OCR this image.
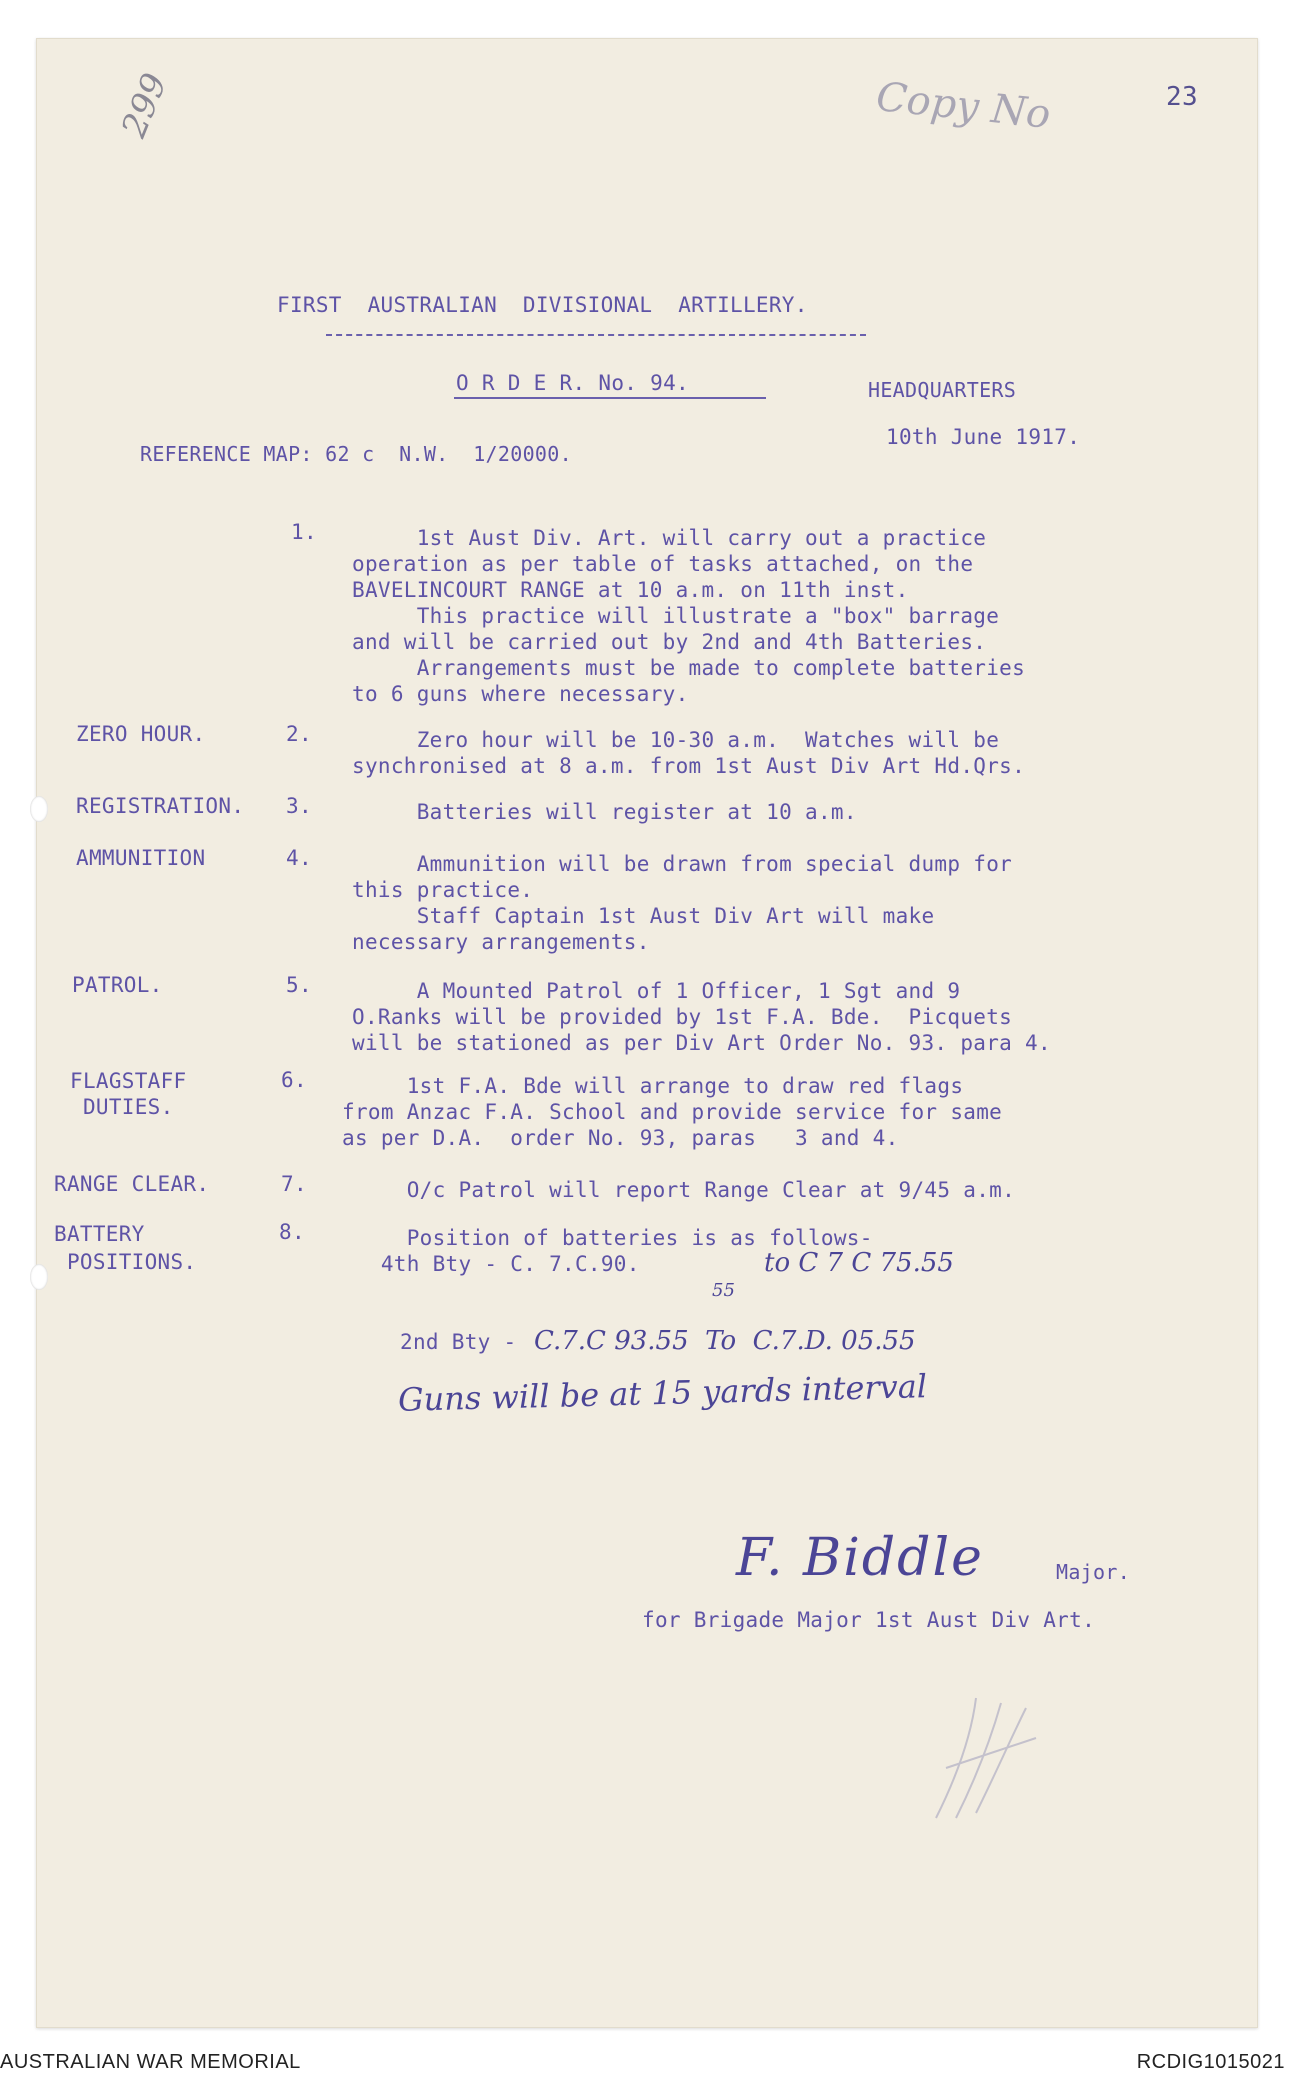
299	Copy No	23
FIRST  AUSTRALIAN  DIVISIONAL  ARTILLERY.
O R D E R. No. 94.	HEADQUARTERS
10th June 1917.
REFERENCE MAP: 62 c  N.W.  1/20000.
1. 1st Aust Div. Art. will carry out a practice
operation as per table of tasks attached, on the
BAVELINCOURT RANGE at 10 a.m. on 11th inst.
This practice will illustrate a "box" barrage
and will be carried out by 2nd and 4th Batteries.
Arrangements must be made to complete batteries
to 6 guns where necessary.
ZERO HOUR.	2. Zero hour will be 10-30 a.m.  Watches will be
synchronised at 8 a.m. from 1st Aust Div Art Hd.Qrs.
REGISTRATION. 3. Batteries will register at 10 a.m.
AMMUNITION	4. Ammunition will be drawn from special dump for
this practice.
Staff Captain 1st Aust Div Art will make
necessary arrangements.
PATROL.	5. A Mounted Patrol of 1 Officer, 1 Sgt and 9
O.Ranks will be provided by 1st F.A. Bde.  Picquets
will be stationed as per Div Art Order No. 93. para 4.
FLAGSTAFF
DUTIES.
6. 1st F.A. Bde will arrange to draw red flags
from Anzac F.A. School and provide service for same
as per D.A.  order No. 93, paras   3 and 4.
RANGE CLEAR.	7. O/c Patrol will report Range Clear at 9/45 a.m.
BATTERY
POSITIONS.
8. Position of batteries is as follows-
4th Bty - C. 7.C.90.	to C 7 C 75.55
55
2nd Bty - C.7.C 93.55  To  C.7.D. 05.55
Guns will be at 15 yards interval
F. Biddle	Major.
for Brigade Major 1st Aust Div Art.
AUSTRALIAN WAR MEMORIAL	RCDIG1015021
